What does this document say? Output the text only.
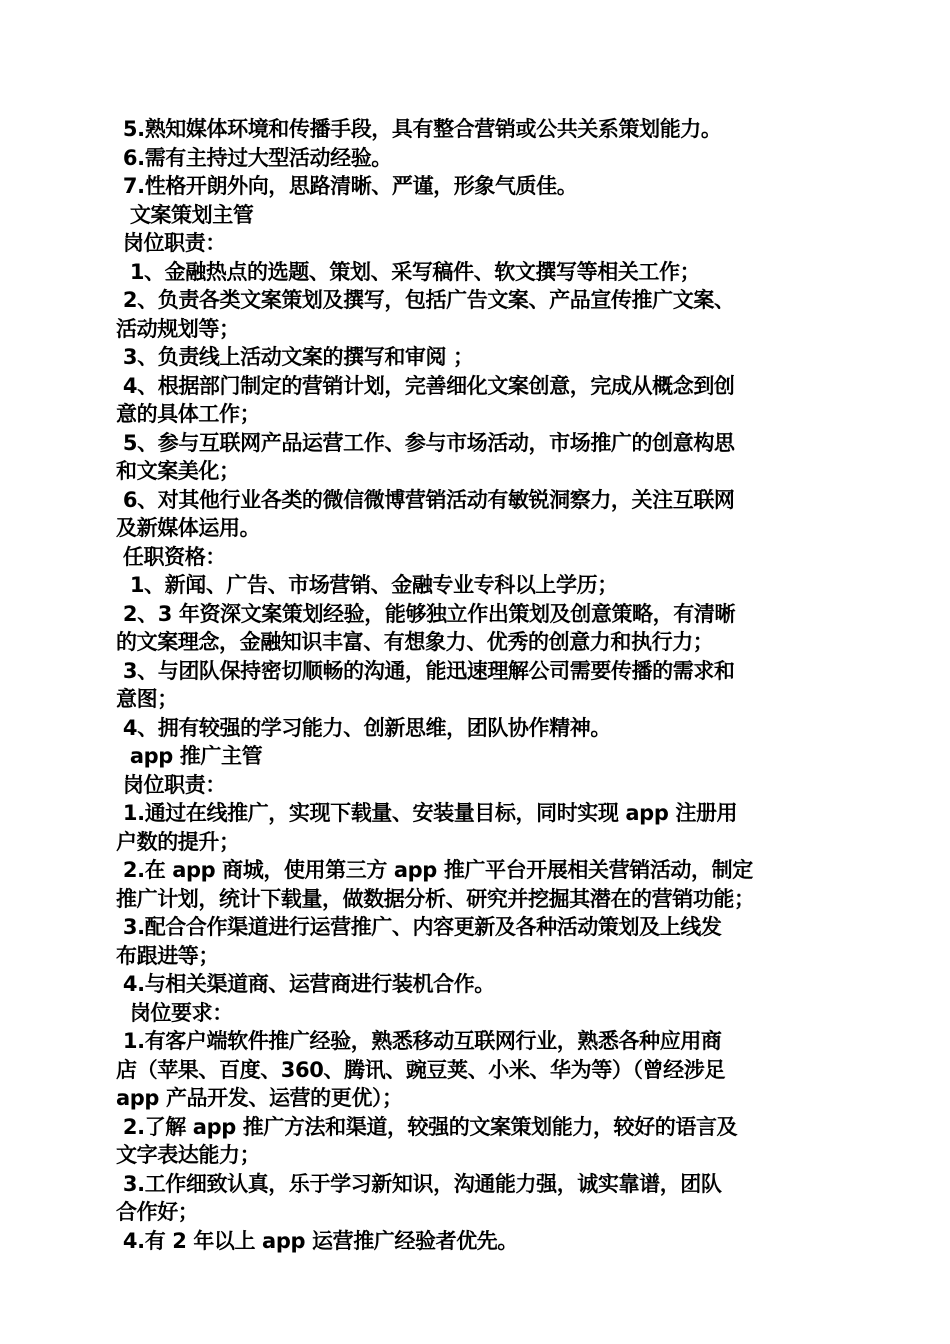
5.熟知媒体环境和传播手段，具有整合营销或公共关系策划能力。
6.需有主持过大型活动经验。
7.性格开朗外向，思路清晰、严谨，形象气质佳。
文案策划主管
岗位职责：
1、金融热点的选题、策划、采写稿件、软文撰写等相关工作；
2、负责各类文案策划及撰写，包括广告文案、产品宣传推广文案、
活动规划等；
3、负责线上活动文案的撰写和审阅 ；
4、根据部门制定的营销计划，完善细化文案创意，完成从概念到创
意的具体工作；
5、参与互联网产品运营工作、参与市场活动，市场推广的创意构思
和文案美化；
6、对其他行业各类的微信微博营销活动有敏锐洞察力，关注互联网
及新媒体运用。
任职资格：
1、新闻、广告、市场营销、金融专业专科以上学历；
2、3 年资深文案策划经验，能够独立作出策划及创意策略，有清晰
的文案理念，金融知识丰富、有想象力、优秀的创意力和执行力；
3、与团队保持密切顺畅的沟通，能迅速理解公司需要传播的需求和
意图；
4、拥有较强的学习能力、创新思维，团队协作精神。
app 推广主管
岗位职责：
1.通过在线推广，实现下载量、安装量目标，同时实现 app 注册用
户数的提升；
2.在 app 商城，使用第三方 app 推广平台开展相关营销活动，制定
推广计划，统计下载量，做数据分析、研究并挖掘其潜在的营销功能；
3.配合合作渠道进行运营推广、内容更新及各种活动策划及上线发
布跟进等；
4.与相关渠道商、运营商进行装机合作。
岗位要求：
1.有客户端软件推广经验，熟悉移动互联网行业，熟悉各种应用商
店（苹果、百度、360、腾讯、豌豆荚、小米、华为等）（曾经涉足
app 产品开发、运营的更优）；
2.了解 app 推广方法和渠道，较强的文案策划能力，较好的语言及
文字表达能力；
3.工作细致认真，乐于学习新知识，沟通能力强，诚实靠谱，团队
合作好；
4.有 2 年以上 app 运营推广经验者优先。
